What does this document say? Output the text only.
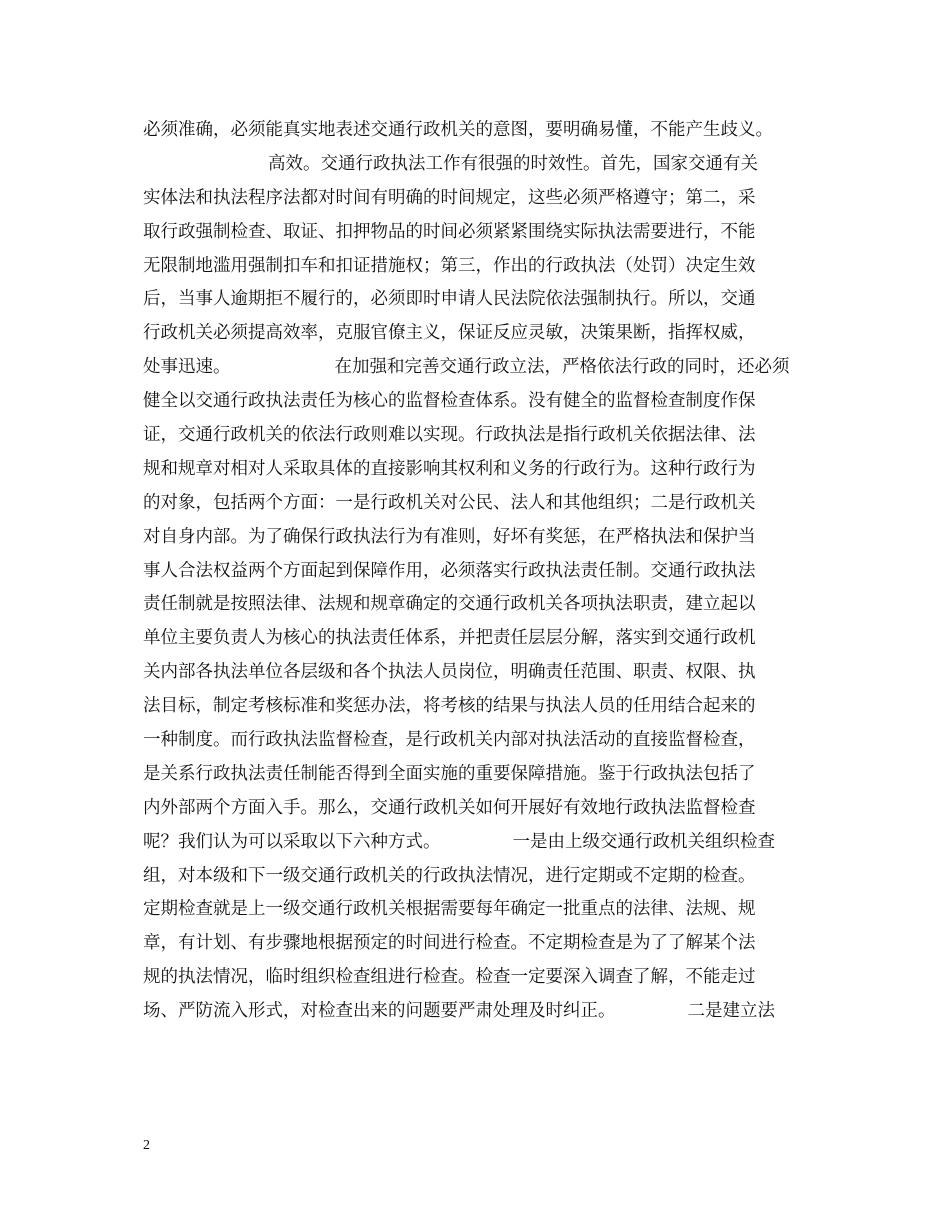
必须准确，必须能真实地表述交通行政机关的意图，要明确易懂，不能产生歧义。
高效。交通行政执法工作有很强的时效性。首先，国家交通有关
实体法和执法程序法都对时间有明确的时间规定，这些必须严格遵守；第二，采
取行政强制检查、取证、扣押物品的时间必须紧紧围绕实际执法需要进行，不能
无限制地滥用强制扣车和扣证措施权；第三，作出的行政执法（处罚）决定生效
后，当事人逾期拒不履行的，必须即时申请人民法院依法强制执行。所以，交通
行政机关必须提高效率，克服官僚主义，保证反应灵敏，决策果断，指挥权威，
处事迅速。	在加强和完善交通行政立法，严格依法行政的同时，还必须
健全以交通行政执法责任为核心的监督检查体系。没有健全的监督检查制度作保
证，交通行政机关的依法行政则难以实现。行政执法是指行政机关依据法律、法
规和规章对相对人采取具体的直接影响其权利和义务的行政行为。这种行政行为
的对象，包括两个方面：一是行政机关对公民、法人和其他组织；二是行政机关
对自身内部。为了确保行政执法行为有准则，好坏有奖惩，在严格执法和保护当
事人合法权益两个方面起到保障作用，必须落实行政执法责任制。交通行政执法
责任制就是按照法律、法规和规章确定的交通行政机关各项执法职责，建立起以
单位主要负责人为核心的执法责任体系，并把责任层层分解，落实到交通行政机
关内部各执法单位各层级和各个执法人员岗位，明确责任范围、职责、权限、执
法目标，制定考核标准和奖惩办法，将考核的结果与执法人员的任用结合起来的
一种制度。而行政执法监督检查，是行政机关内部对执法活动的直接监督检查，
是关系行政执法责任制能否得到全面实施的重要保障措施。鉴于行政执法包括了
内外部两个方面入手。那么，交通行政机关如何开展好有效地行政执法监督检查
呢？我们认为可以采取以下六种方式。	一是由上级交通行政机关组织检查
组，对本级和下一级交通行政机关的行政执法情况，进行定期或不定期的检查。
定期检查就是上一级交通行政机关根据需要每年确定一批重点的法律、法规、规
章，有计划、有步骤地根据预定的时间进行检查。不定期检查是为了了解某个法
规的执法情况，临时组织检查组进行检查。检查一定要深入调查了解，不能走过
场、严防流入形式，对检查出来的问题要严肃处理及时纠正。	二是建立法
2
